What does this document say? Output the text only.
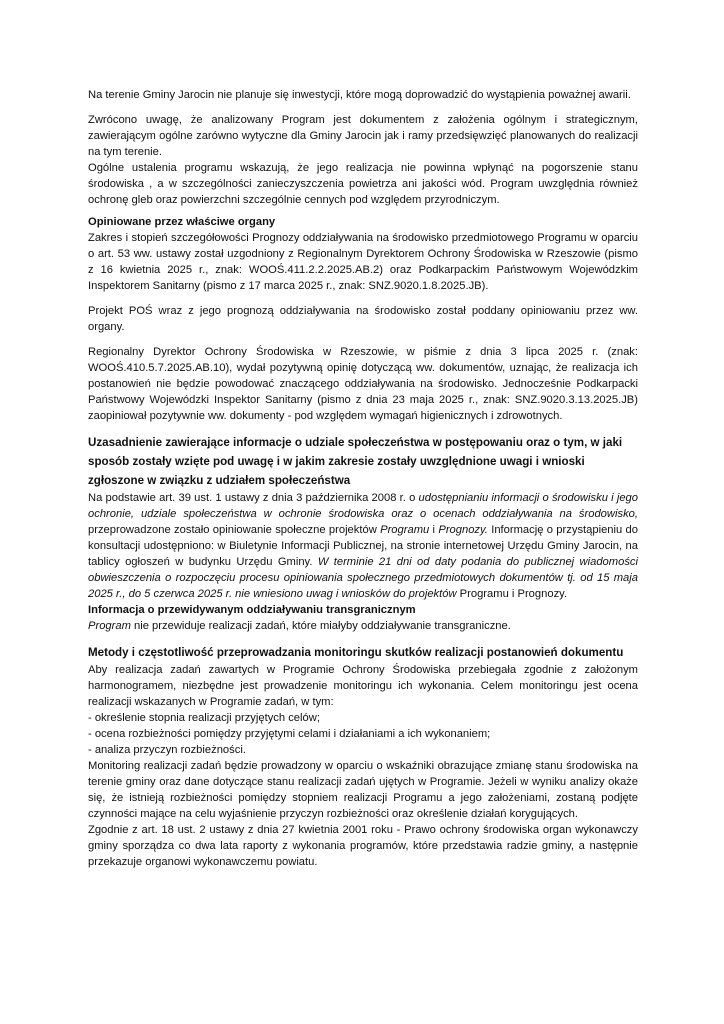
Na terenie Gminy Jarocin nie planuje się inwestycji, które mogą doprowadzić do wystąpienia poważnej awarii.

Zwrócono uwagę, że analizowany Program jest dokumentem z założenia ogólnym i strategicznym, zawierającym ogólne zarówno wytyczne dla Gminy Jarocin jak i ramy przedsięwzięć planowanych do realizacji na tym terenie.

Ogólne ustalenia programu wskazują, że jego realizacja nie powinna wpłynąć na pogorszenie stanu środowiska , a w szczególności zanieczyszczenia powietrza ani jakości wód. Program uwzględnia również ochronę gleb oraz powierzchni szczególnie cennych pod względem przyrodniczym.

Opiniowane przez właściwe organy

Zakres i stopień szczegółowości Prognozy oddziaływania na środowisko przedmiotowego Programu w oparciu o art. 53 ww. ustawy został uzgodniony z Regionalnym Dyrektorem Ochrony Środowiska w Rzeszowie (pismo z 16 kwietnia 2025 r., znak: WOOŚ.411.2.2.2025.AB.2) oraz Podkarpackim Państwowym Wojewódzkim Inspektorem Sanitarny (pismo z 17 marca 2025 r., znak: SNZ.9020.1.8.2025.JB).

Projekt POŚ wraz z jego prognozą oddziaływania na środowisko został poddany opiniowaniu przez ww. organy.

Regionalny Dyrektor Ochrony Środowiska w Rzeszowie, w piśmie z dnia 3 lipca 2025 r. (znak: WOOŚ.410.5.7.2025.AB.10), wydał pozytywną opinię dotyczącą ww. dokumentów, uznając, że realizacja ich postanowień nie będzie powodować znaczącego oddziaływania na środowisko. Jednocześnie Podkarpacki Państwowy Wojewódzki Inspektor Sanitarny (pismo z dnia 23 maja 2025 r., znak: SNZ.9020.3.13.2025.JB) zaopiniował pozytywnie ww. dokumenty - pod względem wymagań higienicznych i zdrowotnych.

Uzasadnienie zawierające informacje o udziale społeczeństwa w postępowaniu oraz o tym, w jaki sposób zostały wzięte pod uwagę i w jakim zakresie zostały uwzględnione uwagi i wnioski zgłoszone w związku z udziałem społeczeństwa

Na podstawie art. 39 ust. 1 ustawy z dnia 3 października 2008 r. o udostępnianiu informacji o środowisku i jego ochronie, udziale społeczeństwa w ochronie środowiska oraz o ocenach oddziaływania na środowisko, przeprowadzone zostało opiniowanie społeczne projektów Programu i Prognozy. Informację o przystąpieniu do konsultacji udostępniono: w Biuletynie Informacji Publicznej, na stronie internetowej Urzędu Gminy Jarocin, na tablicy ogłoszeń w budynku Urzędu Gminy. W terminie 21 dni od daty podania do publicznej wiadomości obwieszczenia o rozpoczęciu procesu opiniowania społecznego przedmiotowych dokumentów tj. od 15 maja 2025 r., do 5 czerwca 2025 r. nie wniesiono uwag i wniosków do projektów Programu i Prognozy.

Informacja o przewidywanym oddziaływaniu transgranicznym

Program nie przewiduje realizacji zadań, które miałyby oddziaływanie transgraniczne.

Metody i częstotliwość przeprowadzania monitoringu skutków realizacji postanowień dokumentu

Aby realizacja zadań zawartych w Programie Ochrony Środowiska przebiegała zgodnie z założonym harmonogramem, niezbędne jest prowadzenie monitoringu ich wykonania. Celem monitoringu jest ocena realizacji wskazanych w Programie zadań, w tym:

- określenie stopnia realizacji przyjętych celów;

- ocena rozbieżności pomiędzy przyjętymi celami i działaniami a ich wykonaniem;

- analiza przyczyn rozbieżności.

Monitoring realizacji zadań będzie prowadzony w oparciu o wskaźniki obrazujące zmianę stanu środowiska na terenie gminy oraz dane dotyczące stanu realizacji zadań ujętych w Programie. Jeżeli w wyniku analizy okaże się, że istnieją rozbieżności pomiędzy stopniem realizacji Programu a jego założeniami, zostaną podjęte czynności mające na celu wyjaśnienie przyczyn rozbieżności oraz określenie działań korygujących.

Zgodnie z art. 18 ust. 2 ustawy z dnia 27 kwietnia 2001 roku - Prawo ochrony środowiska organ wykonawczy gminy sporządza co dwa lata raporty z wykonania programów, które przedstawia radzie gminy, a następnie przekazuje organowi wykonawczemu powiatu.
